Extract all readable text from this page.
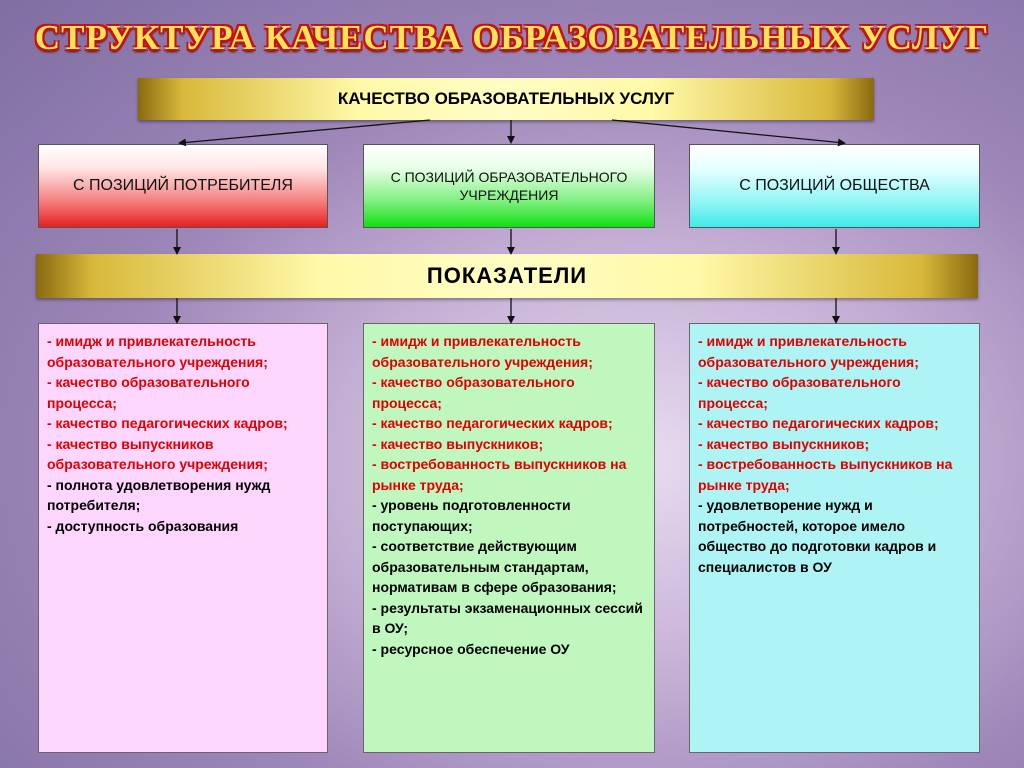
СТРУКТУРА КАЧЕСТВА ОБРАЗОВАТЕЛЬНЫХ УСЛУГ
КАЧЕСТВО ОБРАЗОВАТЕЛЬНЫХ УСЛУГ
С ПОЗИЦИЙ ПОТРЕБИТЕЛЯ	С ПОЗИЦИЙ ОБРАЗОВАТЕЛЬНОГО УЧРЕЖДЕНИЯ
С ПОЗИЦИЙ ОБЩЕСТВА
ПОКАЗАТЕЛИ
- имидж и привлекательность образовательного учреждения;
- качество образовательного процесса;
- качество педагогических кадров;
- качество выпускников образовательного учреждения;
- полнота удовлетворения нужд потребителя;
- доступность образования
- имидж и привлекательность образовательного учреждения;
- качество образовательного процесса;
- качество педагогических кадров;
- качество выпускников;
- востребованность выпускников на рынке труда;
- уровень подготовленности поступающих;
- соответствие действующим образовательным стандартам, нормативам в сфере образования;
- результаты экзаменационных сессий в ОУ;
- ресурсное обеспечение ОУ
- имидж и привлекательность образовательного учреждения;
- качество образовательного процесса;
- качество педагогических кадров;
- качество выпускников;
- востребованность выпускников на рынке труда;
- удовлетворение нужд и потребностей, которое имело общество до подготовки кадров и специалистов в ОУ
